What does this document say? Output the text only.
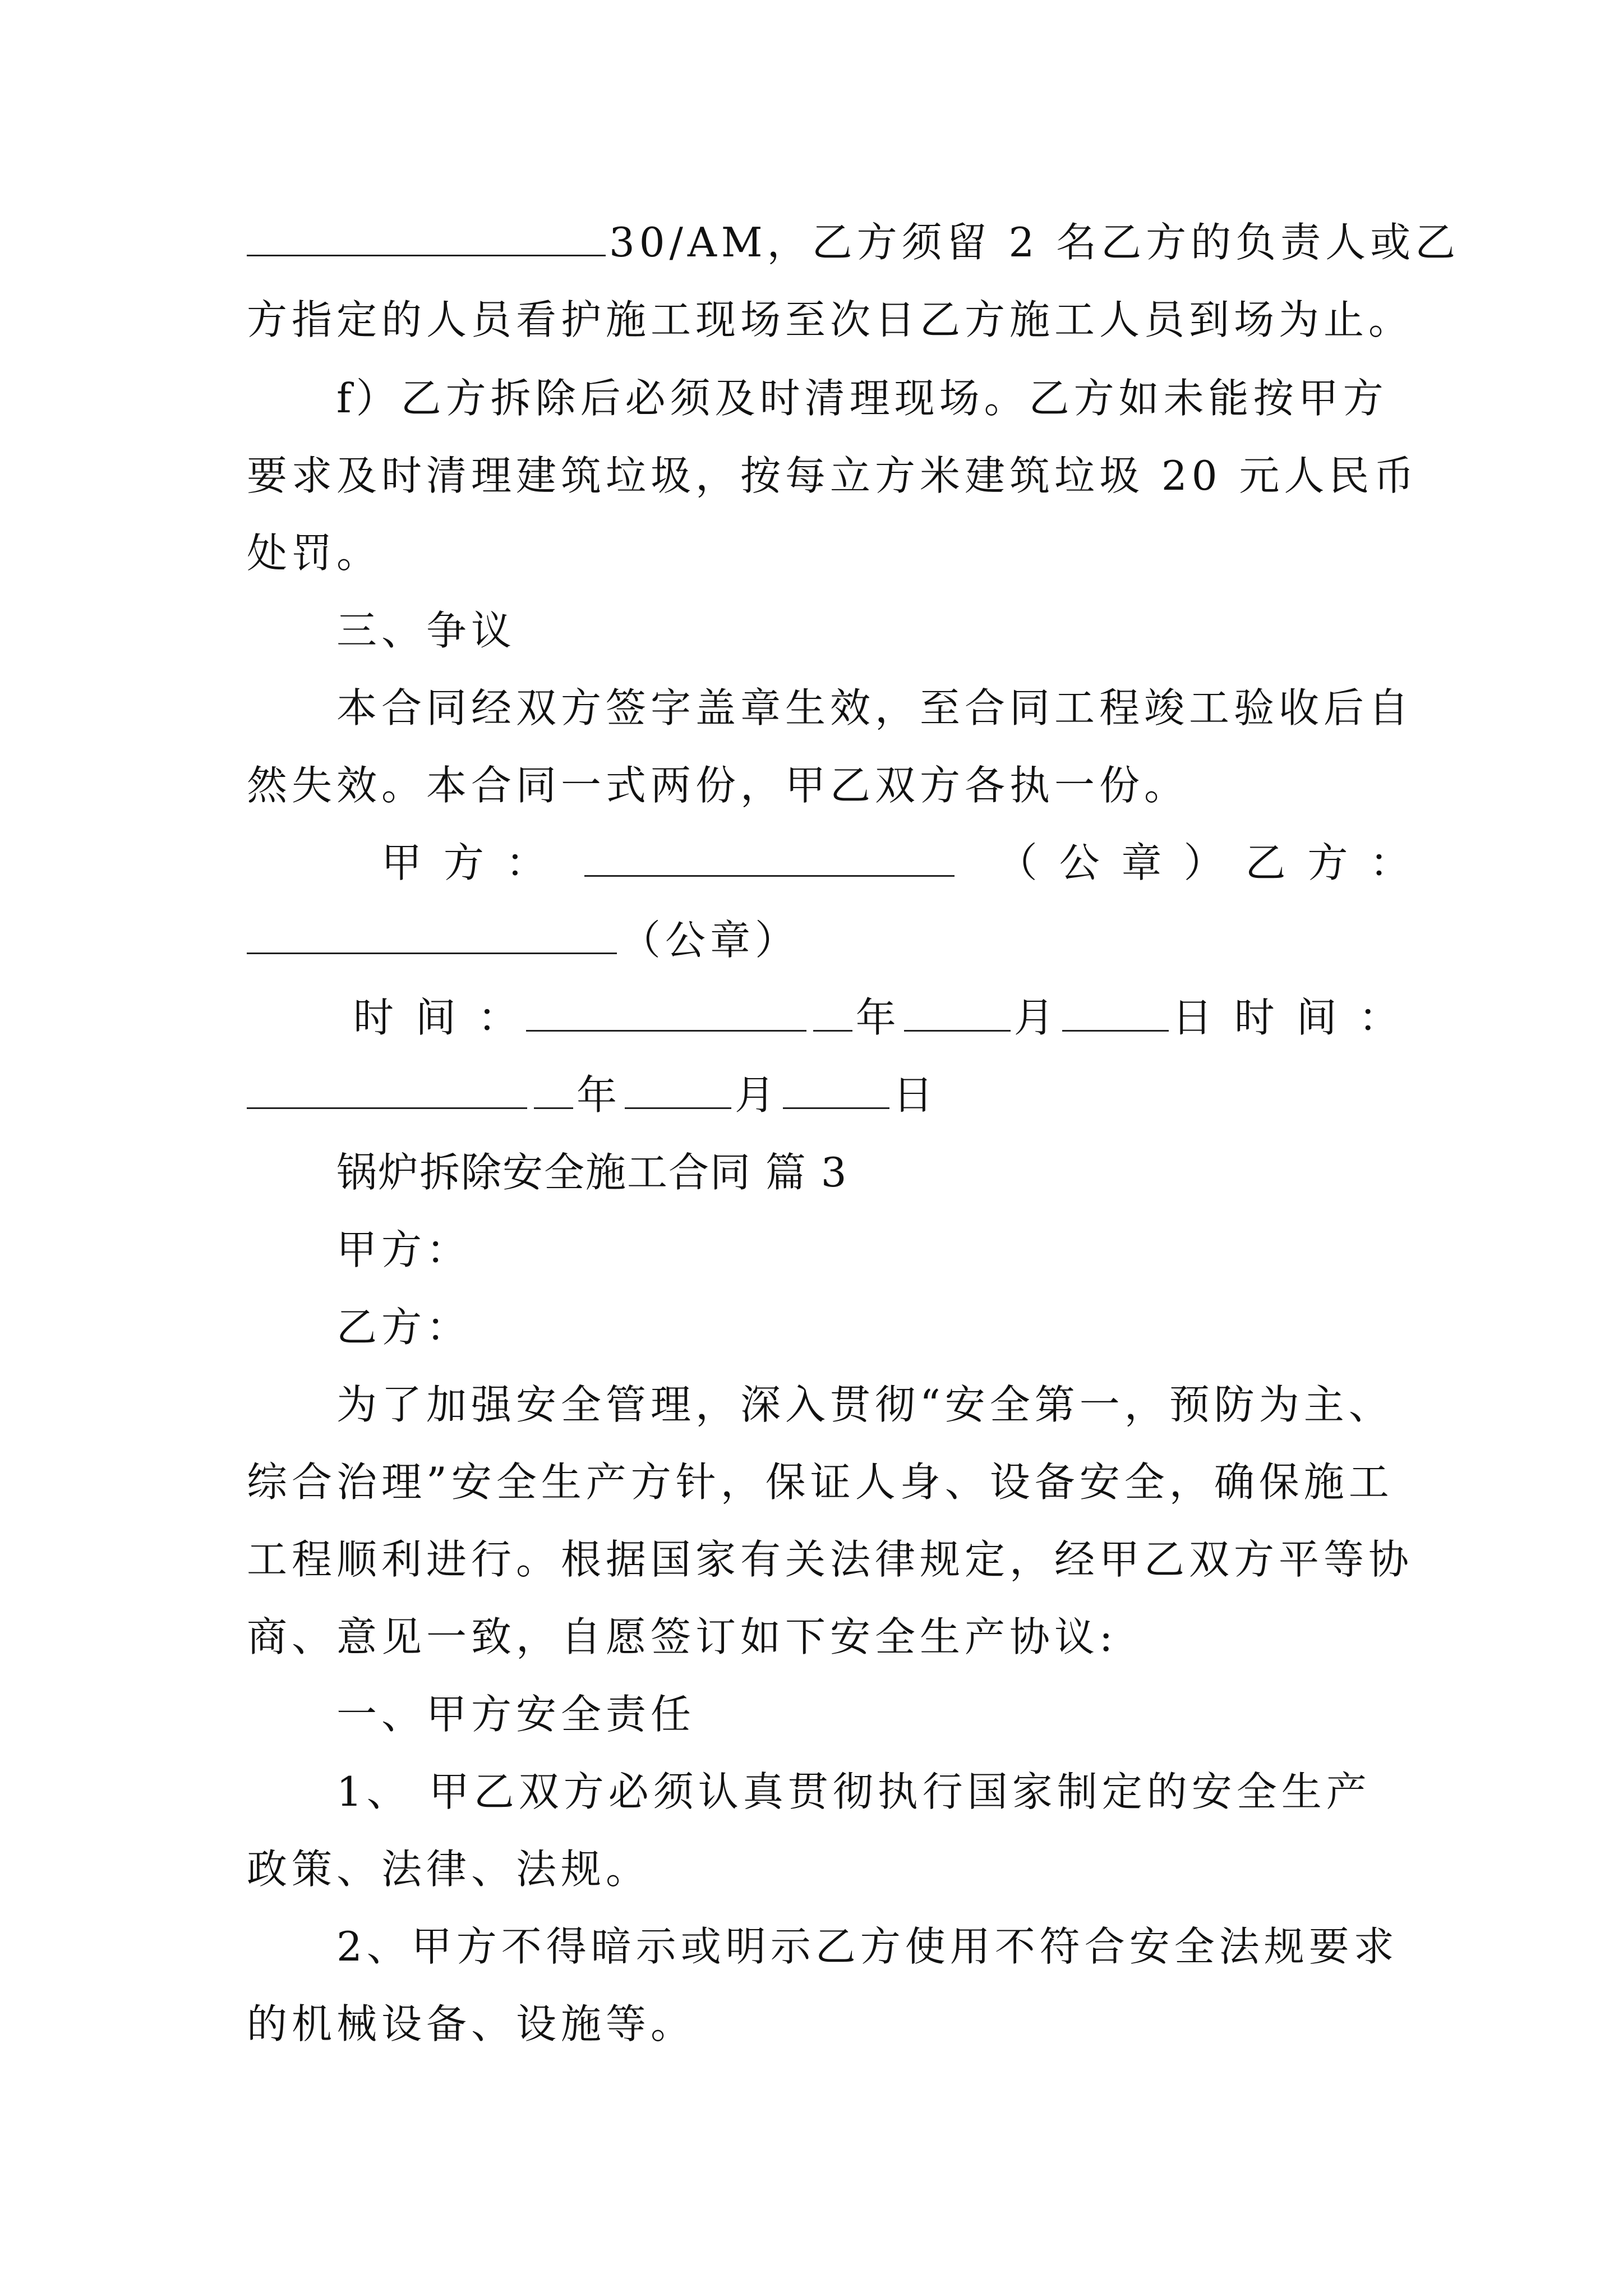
30/AM，乙方须留 2 名乙方的负责人或乙
方指定的人员看护施工现场至次日乙方施工人员到场为止。
f）乙方拆除后必须及时清理现场。乙方如未能按甲方
要求及时清理建筑垃圾，按每立方米建筑垃圾 20 元人民币
处罚。
三、争议
本合同经双方签字盖章生效，至合同工程竣工验收后自
然失效。本合同一式两份，甲乙双方各执一份。
甲 方 ：	（ 公 章 ） 乙 方 ：
（公章）
时 间 ：	年	月	日 时 间 ：
年	月	日
锅炉拆除安全施工合同 篇 3
甲方：
乙方：
为了加强安全管理，深入贯彻“安全第一，预防为主、
综合治理”安全生产方针，保证人身、设备安全，确保施工
工程顺利进行。根据国家有关法律规定，经甲乙双方平等协
商、意见一致，自愿签订如下安全生产协议:
一、甲方安全责任
1、 甲乙双方必须认真贯彻执行国家制定的安全生产
政策、法律、法规。
2、甲方不得暗示或明示乙方使用不符合安全法规要求
的机械设备、设施等。
